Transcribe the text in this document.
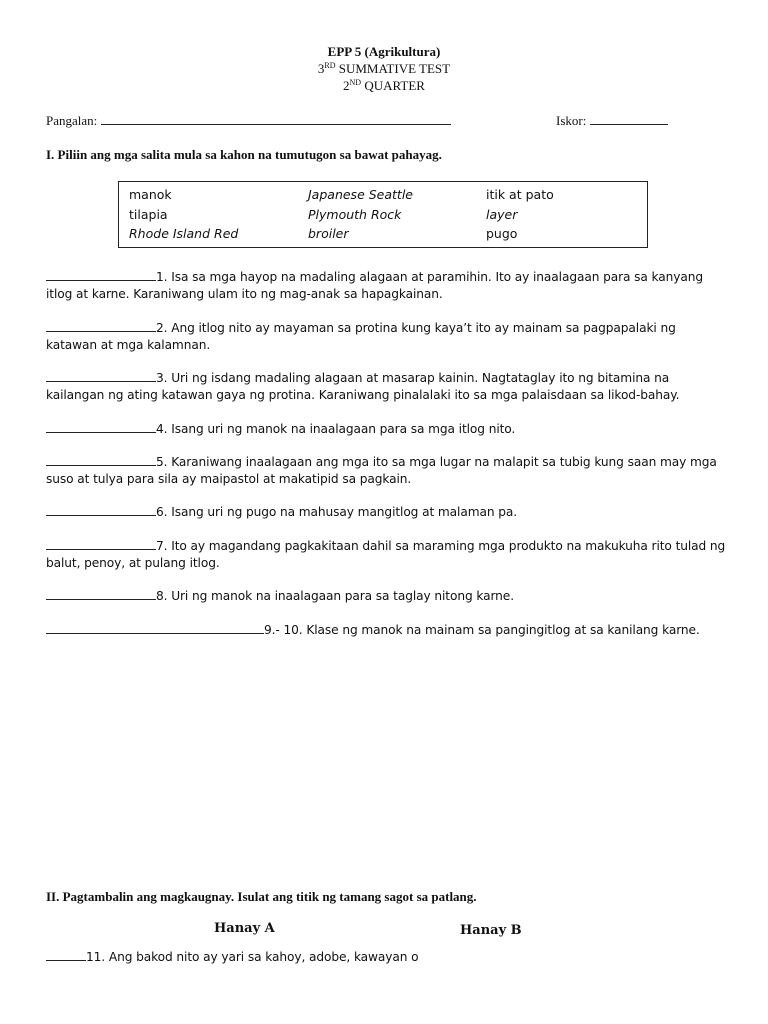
EPP 5 (Agrikultura)
3RD SUMMATIVE TEST
2ND QUARTER
Pangalan:	Iskor:
I. Piliin ang mga salita mula sa kahon na tumutugon sa bawat pahayag.
manok	Japanese Seattle	itik at pato
tilapia	Plymouth Rock	layer
Rhode Island Red	broiler	pugo
1. Isa sa mga hayop na madaling alagaan at paramihin. Ito ay inaalagaan para sa kanyang itlog at karne. Karaniwang ulam ito ng mag-anak sa hapagkainan.
2. Ang itlog nito ay mayaman sa protina kung kaya’t ito ay mainam sa pagpapalaki ng katawan at mga kalamnan.
3. Uri ng isdang madaling alagaan at masarap kainin. Nagtataglay ito ng bitamina na kailangan ng ating katawan gaya ng protina. Karaniwang pinalalaki ito sa mga palaisdaan sa likod-bahay.
4. Isang uri ng manok na inaalagaan para sa mga itlog nito.
5. Karaniwang inaalagaan ang mga ito sa mga lugar na malapit sa tubig kung saan may mga suso at tulya para sila ay maipastol at makatipid sa pagkain.
6. Isang uri ng pugo na mahusay mangitlog at malaman pa.
7. Ito ay magandang pagkakitaan dahil sa maraming mga produkto na makukuha rito tulad ng balut, penoy, at pulang itlog.
8. Uri ng manok na inaalagaan para sa taglay nitong karne.
9.- 10. Klase ng manok na mainam sa pangingitlog at sa kanilang karne.
II. Pagtambalin ang magkaugnay. Isulat ang titik ng tamang sagot sa patlang.
Hanay A	Hanay B
11. Ang bakod nito ay yari sa kahoy, adobe, kawayan o
